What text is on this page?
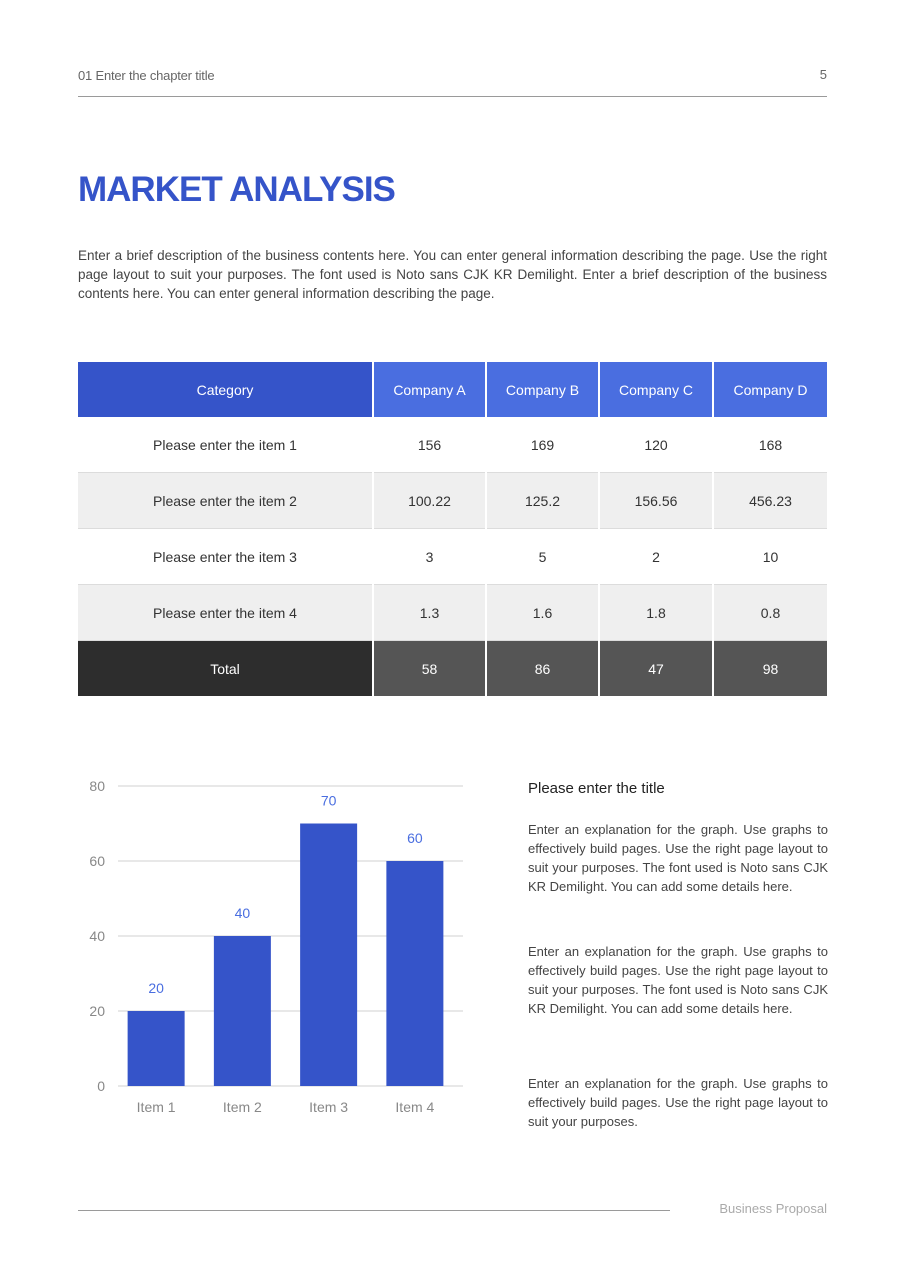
01 Enter the chapter title	5
MARKET ANALYSIS
Enter a brief description of the business contents here. You can enter general information describing the page. Use the right page layout to suit your purposes. The font used is Noto sans CJK KR Demilight. Enter a brief description of the business contents here. You can enter general information describing the page.
Category	Company A	Company B	Company C	Company D
Please enter the item 1	156	169	120	168
Please enter the item 2	100.22	125.2	156.56	456.23
Please enter the item 3	3	5	2	10
Please enter the item 4	1.3	1.6	1.8	0.8
Total	58	86	47	98
0
20
40
60
80
20
Item 1
40
Item 2
70
Item 3
60
Item 4
Please enter the title

Enter an explanation for the graph. Use graphs to effectively build pages. Use the right page layout to suit your purposes. The font used is Noto sans CJK KR Demilight. You can add some details here.

Enter an explanation for the graph. Use graphs to effectively build pages. Use the right page layout to suit your purposes. The font used is Noto sans CJK KR Demilight. You can add some details here.

Enter an explanation for the graph. Use graphs to effectively build pages. Use the right page layout to suit your purposes.

Business Proposal
